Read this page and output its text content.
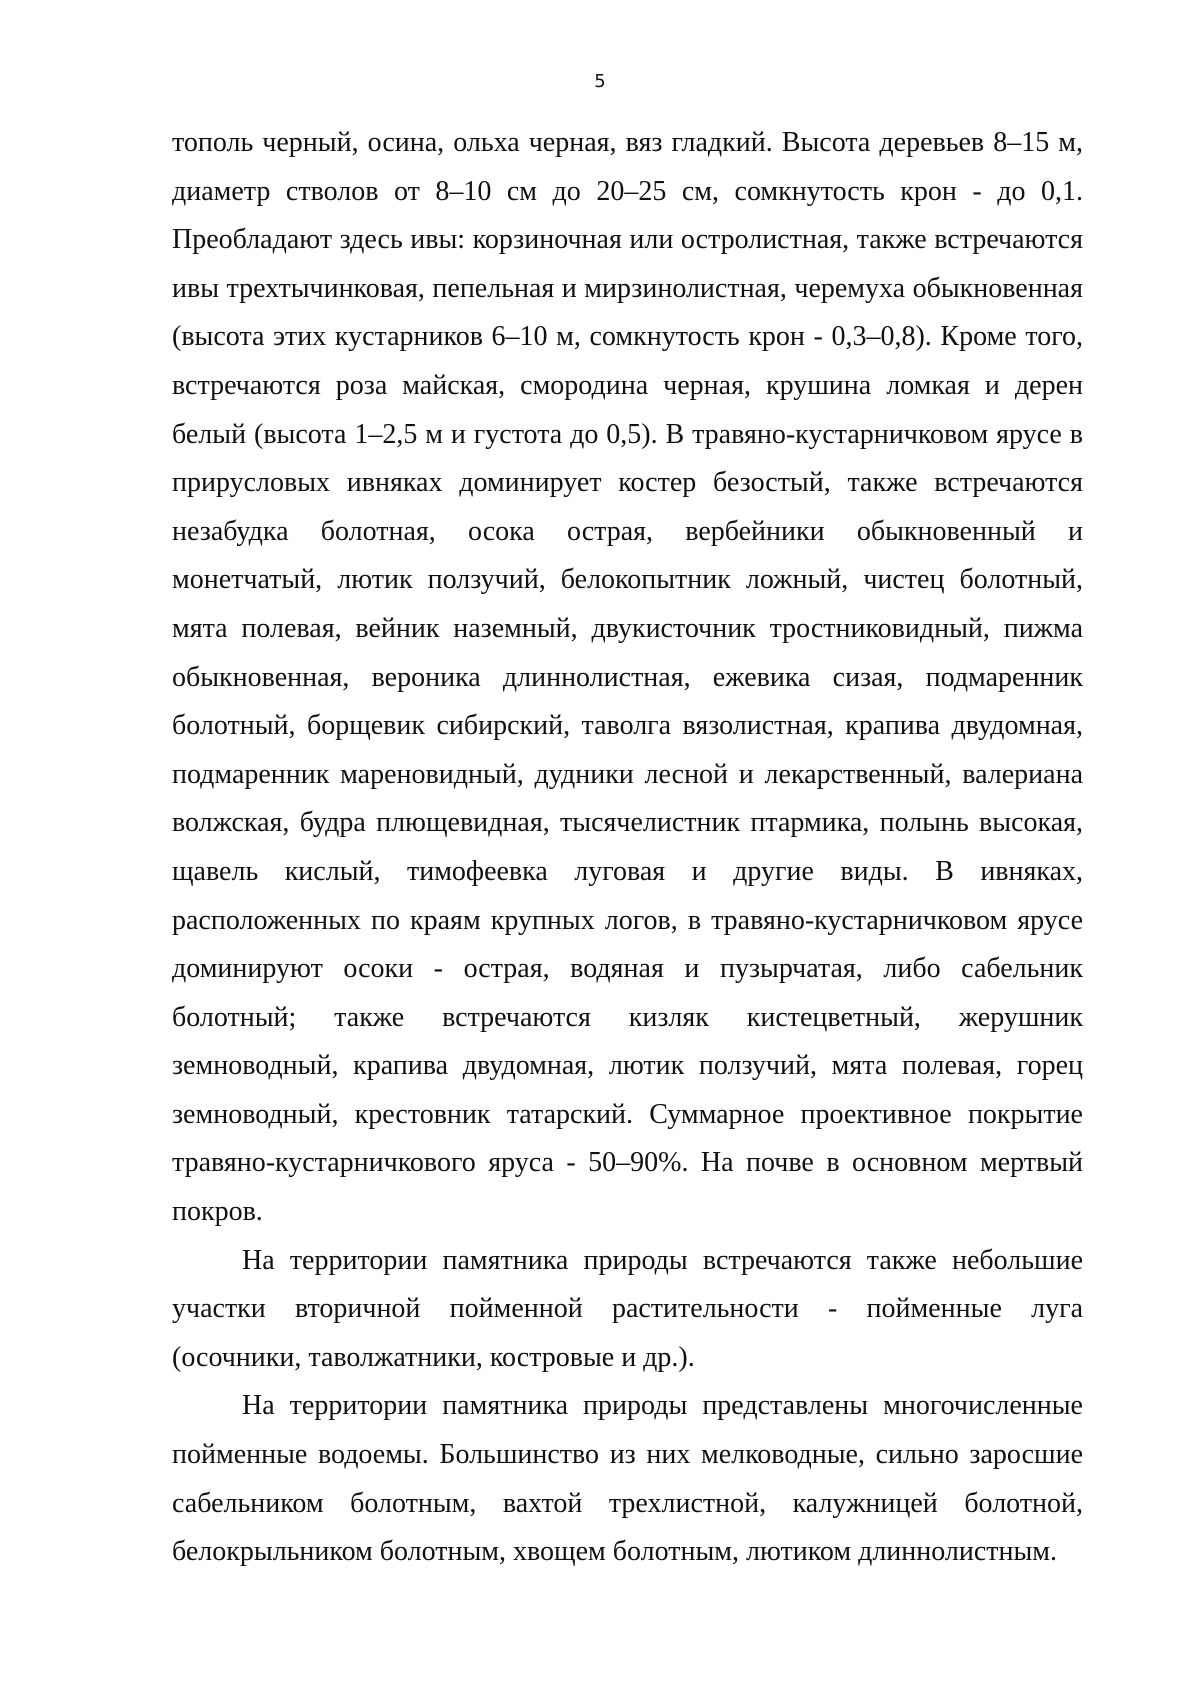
5

тополь черный, осина, ольха черная, вяз гладкий. Высота деревьев 8–15 м, диаметр стволов от 8–10 см до 20–25 см, сомкнутость крон - до 0,1. Преобладают здесь ивы: корзиночная или остролистная, также встречаются ивы трехтычинковая, пепельная и мирзинолистная, черемуха обыкновенная (высота этих кустарников 6–10 м, сомкнутость крон - 0,3–0,8). Кроме того, встречаются роза майская, смородина черная, крушина ломкая и дерен белый (высота 1–2,5 м и густота до 0,5). В травяно-кустарничковом ярусе в прирусловых ивняках доминирует костер безостый, также встречаются незабудка болотная, осока острая, вербейники обыкновенный и монетчатый, лютик ползучий, белокопытник ложный, чистец болотный, мята полевая, вейник наземный, двукисточник тростниковидный, пижма обыкновенная, вероника длиннолистная, ежевика сизая, подмаренник болотный, борщевик сибирский, таволга вязолистная, крапива двудомная, подмаренник мареновидный, дудники лесной и лекарственный, валериана волжская, будра плющевидная, тысячелистник птармика, полынь высокая, щавель кислый, тимофеевка луговая и другие виды. В ивняках, расположенных по краям крупных логов, в травяно-кустарничковом ярусе доминируют осоки - острая, водяная и пузырчатая, либо сабельник болотный; также встречаются кизляк кистецветный, жерушник земноводный, крапива двудомная, лютик ползучий, мята полевая, горец земноводный, крестовник татарский. Суммарное проективное покрытие травяно-кустарничкового яруса - 50–90%. На почве в основном мертвый покров.

На территории памятника природы встречаются также небольшие участки вторичной пойменной растительности - пойменные луга (осочники, таволжатники, костровые и др.).

На территории памятника природы представлены многочисленные пойменные водоемы. Большинство из них мелководные, сильно заросшие сабельником болотным, вахтой трехлистной, калужницей болотной, белокрыльником болотным, хвощем болотным, лютиком длиннолистным.
